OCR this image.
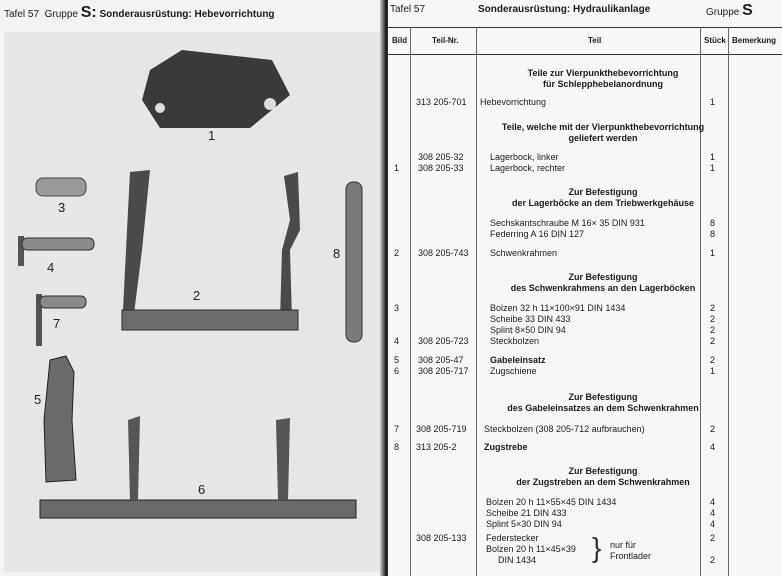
Tafel 57 Gruppe S: Sonderausrüstung: Hebevorrichtung
1
2
3
4
5
6
7
8
Tafel 57	Sonderausrüstung: Hydraulikanlage	Gruppe S
Bild	Teil-Nr.	Teil	Stück Bemerkung
Teile zur Vierpunkthebevorrichtung
für Schlepphebelanordnung
313 205-701 Hebevorrichtung	1
Teile, welche mit der Vierpunkthebevorrichtung
geliefert werden
308 205-32	Lagerbock, linker	1
1 308 205-33	Lagerbock, rechter	1
Zur Befestigung
der Lagerböcke an dem Triebwerkgehäuse
Sechskantschraube M 16× 35 DIN 931	8
Federring A 16 DIN 127	8
2 308 205-743 Schwenkrahmen	1
Zur Befestigung
des Schwenkrahmens an den Lagerböcken
3	Bolzen 32 h 11×100×91 DIN 1434	2
Scheibe 33 DIN 433	2
Splint 8×50 DIN 94	2
4 308 205-723 Steckbolzen	2
5 308 205-47	Gabeleinsatz	2
6 308 205-717 Zugschiene	1
Zur Befestigung
des Gabeleinsatzes an dem Schwenkrahmen
7 308 205-719 Steckbolzen (308 205-712 aufbrauchen)	2
8 313 205-2	Zugstrebe	4
Zur Befestigung
der Zugstreben an dem Schwenkrahmen
Bolzen 20 h 11×55×45 DIN 1434	4
Scheibe 21 DIN 433	4
Splint 5×30 DIN 94	4
308 205-133 Federstecker	2
Bolzen 20 h 11×45×39
DIN 1434	2
} nur für
Frontlader
